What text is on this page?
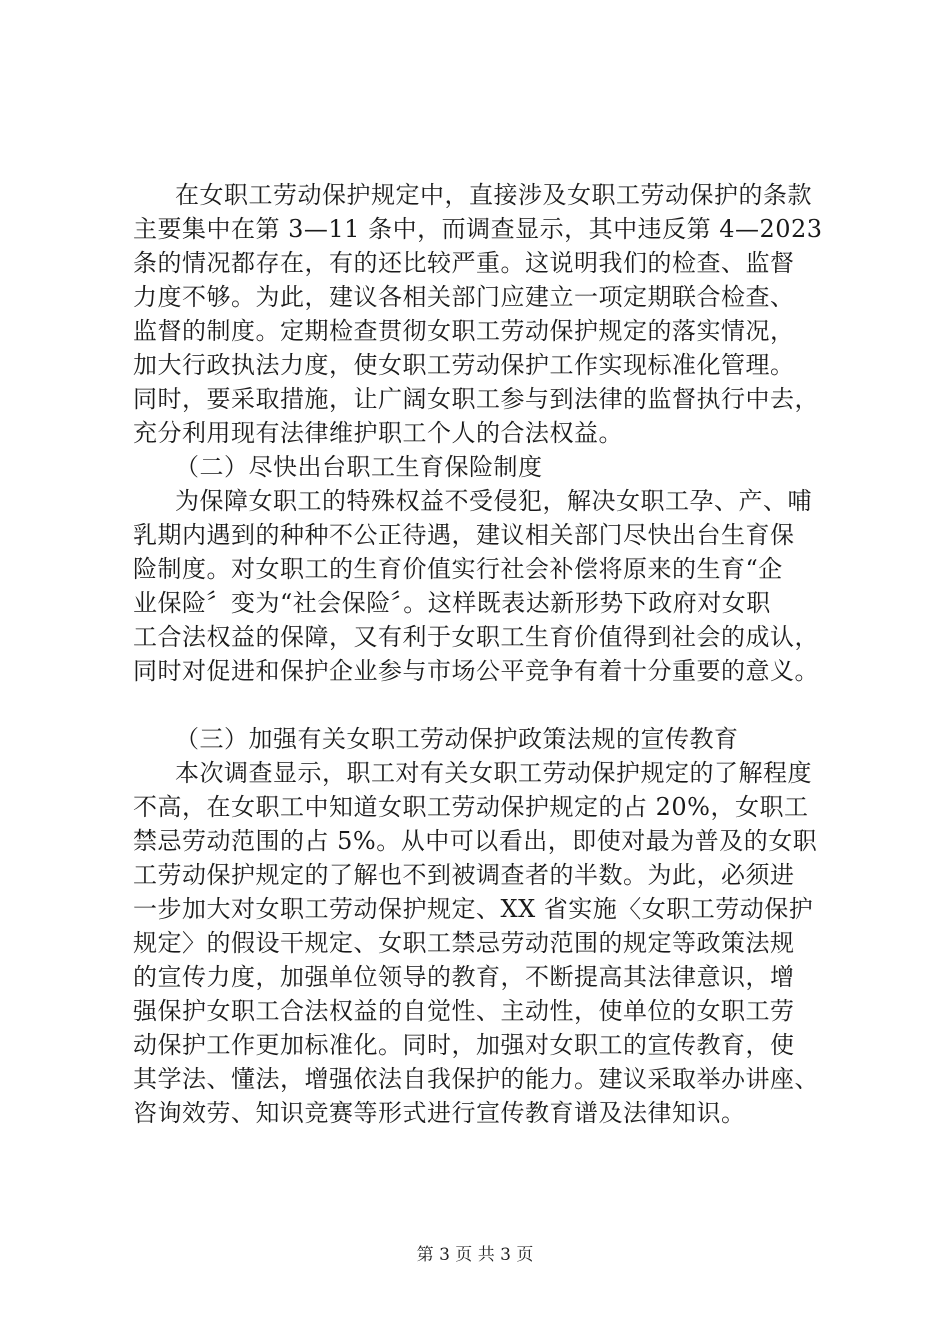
在女职工劳动保护规定中，直接涉及女职工劳动保护的条款
主要集中在第 3—11 条中，而调查显示，其中违反第 4—2023
条的情况都存在，有的还比较严重。这说明我们的检查、监督
力度不够。为此，建议各相关部门应建立一项定期联合检查、
监督的制度。定期检查贯彻女职工劳动保护规定的落实情况，
加大行政执法力度，使女职工劳动保护工作实现标准化管理。
同时，要采取措施，让广阔女职工参与到法律的监督执行中去，
充分利用现有法律维护职工个人的合法权益。
（二）尽快出台职工生育保险制度
为保障女职工的特殊权益不受侵犯，解决女职工孕、产、哺
乳期内遇到的种种不公正待遇，建议相关部门尽快出台生育保
险制度。对女职工的生育价值实行社会补偿将原来的生育“企
业保险〞变为“社会保险〞。这样既表达新形势下政府对女职
工合法权益的保障，又有利于女职工生育价值得到社会的成认，
同时对促进和保护企业参与市场公平竞争有着十分重要的意义。
（三）加强有关女职工劳动保护政策法规的宣传教育
本次调查显示，职工对有关女职工劳动保护规定的了解程度
不高，在女职工中知道女职工劳动保护规定的占 20%，女职工
禁忌劳动范围的占 5%。从中可以看出，即使对最为普及的女职
工劳动保护规定的了解也不到被调查者的半数。为此，必须进
一步加大对女职工劳动保护规定、XX 省实施〈女职工劳动保护
规定〉的假设干规定、女职工禁忌劳动范围的规定等政策法规
的宣传力度，加强单位领导的教育，不断提高其法律意识，增
强保护女职工合法权益的自觉性、主动性，使单位的女职工劳
动保护工作更加标准化。同时，加强对女职工的宣传教育，使
其学法、懂法，增强依法自我保护的能力。建议采取举办讲座、
咨询效劳、知识竞赛等形式进行宣传教育谱及法律知识。
第 3 页 共 3 页
